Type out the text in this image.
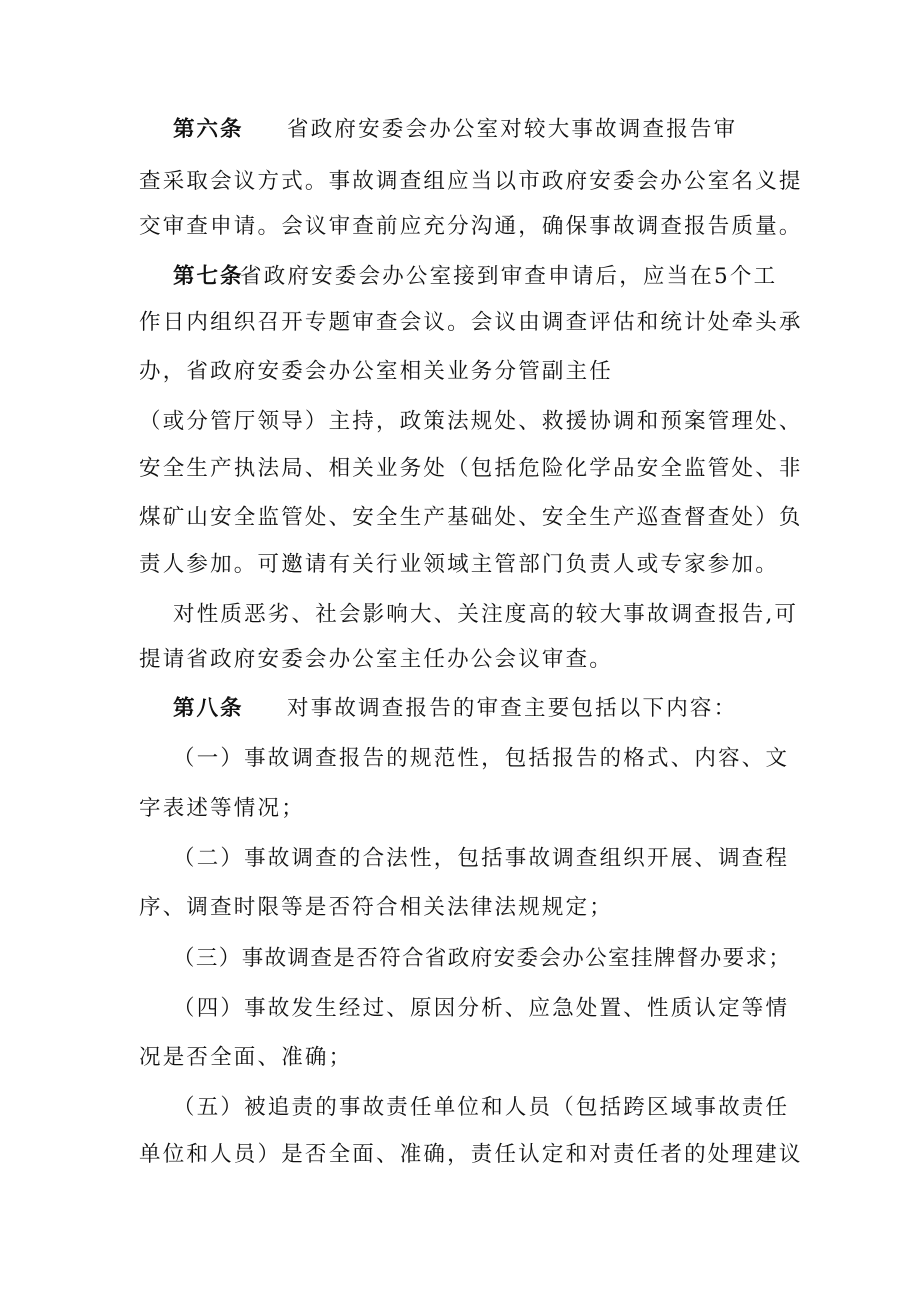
第六条 省政府安委会办公室对较大事故调查报告审
查采取会议方式。事故调查组应当以市政府安委会办公室名义提
交审查申请。会议审查前应充分沟通，确保事故调查报告质量。
第七条
省政府安委会办公室接到审查申请后，应当在5个工
作日内组织召开专题审查会议。会议由调查评估和统计处牵头承
办，省政府安委会办公室相关业务分管副主任
（或分管厅领导）主持，政策法规处、救援协调和预案管理处、
安全生产执法局、相关业务处（包括危险化学品安全监管处、非
煤矿山安全监管处、安全生产基础处、安全生产巡查督查处）负
责人参加。可邀请有关行业领域主管部门负责人或专家参加。
对性质恶劣、社会影响大、关注度高的较大事故调查报告,可
提请省政府安委会办公室主任办公会议审查。
第八条 对事故调查报告的审查主要包括以下内容：
（一）事故调查报告的规范性，包括报告的格式、内容、文
字表述等情况；
（二）事故调查的合法性，包括事故调查组织开展、调查程
序、调查时限等是否符合相关法律法规规定；
（三）事故调查是否符合省政府安委会办公室挂牌督办要求；
（四）事故发生经过、原因分析、应急处置、性质认定等情
况是否全面、准确；
（五）被追责的事故责任单位和人员（包括跨区域事故责任
单位和人员）是否全面、准确，责任认定和对责任者的处理建议
